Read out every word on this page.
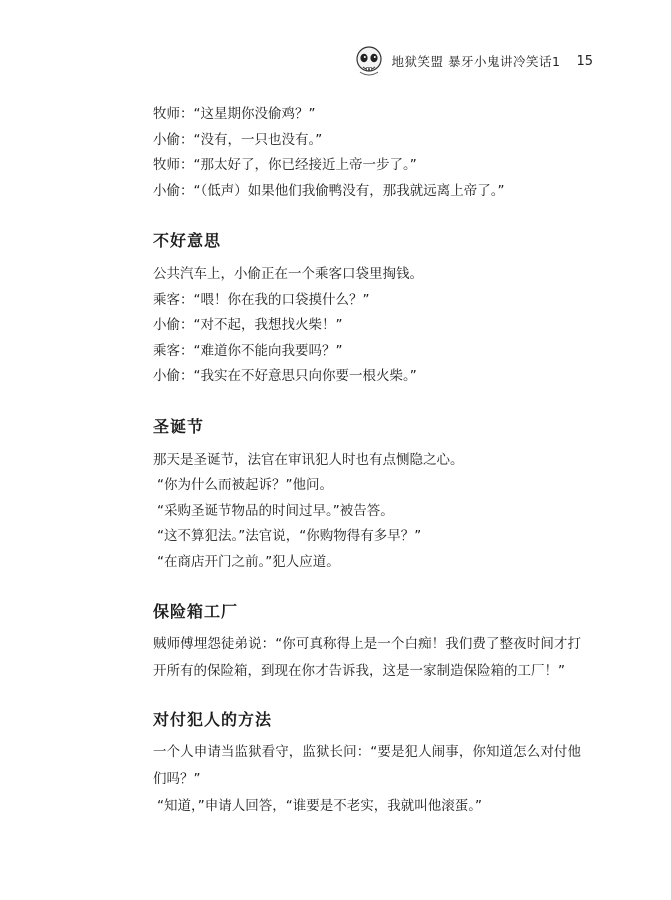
地狱笑盟 暴牙小鬼讲冷笑话1 15
牧师：“这星期你没偷鸡？”
小偷：“没有，一只也没有。”
牧师：“那太好了，你已经接近上帝一步了。”
小偷：“（低声）如果他们我偷鸭没有，那我就远离上帝了。”
不好意思
公共汽车上，小偷正在一个乘客口袋里掏钱。
乘客：“喂！你在我的口袋摸什么？”
小偷：“对不起，我想找火柴！”
乘客：“难道你不能向我要吗？”
小偷：“我实在不好意思只向你要一根火柴。”
圣诞节
那天是圣诞节，法官在审讯犯人时也有点恻隐之心。
“你为什么而被起诉？”他问。
“采购圣诞节物品的时间过早。”被告答。
“这不算犯法。”法官说，“你购物得有多早？”
“在商店开门之前。”犯人应道。
保险箱工厂

贼师傅埋怨徒弟说：“你可真称得上是一个白痴！我们费了整夜时间才打开所有的保险箱，到现在你才告诉我，这是一家制造保险箱的工厂！”

对付犯人的方法

一个人申请当监狱看守，监狱长问：“要是犯人闹事，你知道怎么对付他们吗？”

“知道，”申请人回答，“谁要是不老实，我就叫他滚蛋。”
